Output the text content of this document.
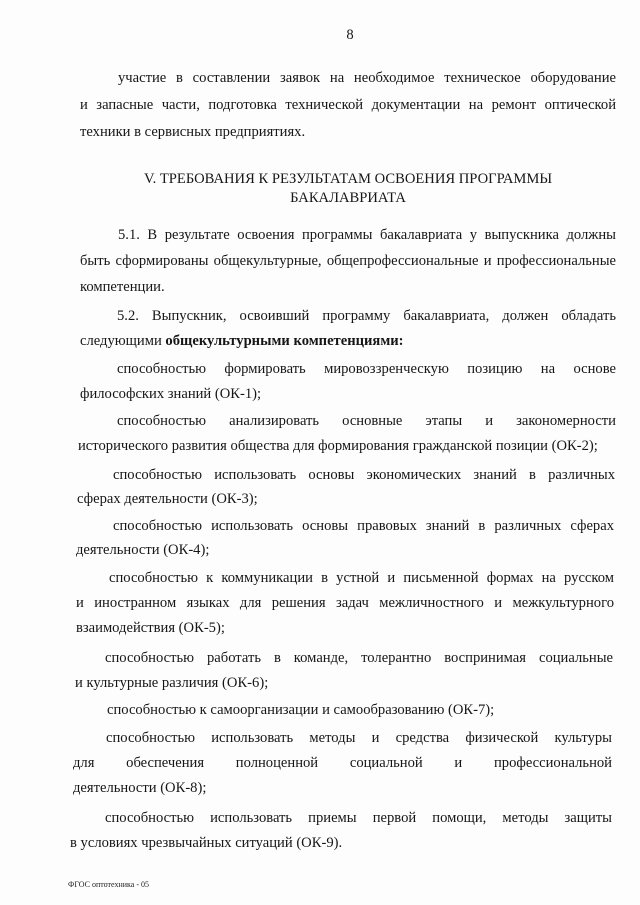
8
участие в составлении заявок на необходимое техническое оборудование
и запасные части, подготовка технической документации на ремонт оптической
техники в сервисных предприятиях.
V. ТРЕБОВАНИЯ К РЕЗУЛЬТАТАМ ОСВОЕНИЯ ПРОГРАММЫ
БАКАЛАВРИАТА
5.1. В результате освоения программы бакалавриата у выпускника должны
быть сформированы общекультурные, общепрофессиональные и профессиональные
компетенции.
5.2. Выпускник, освоивший программу бакалавриата, должен обладать
следующими общекультурными компетенциями:
способностью формировать мировоззренческую позицию на основе
философских знаний (ОК-1);
способностью анализировать основные этапы и закономерности
исторического развития общества для формирования гражданской позиции (ОК-2);
способностью использовать основы экономических знаний в различных
сферах деятельности (ОК-3);
способностью использовать основы правовых знаний в различных сферах
деятельности (ОК-4);
способностью к коммуникации в устной и письменной формах на русском
и иностранном языках для решения задач межличностного и межкультурного
взаимодействия (ОК-5);
способностью работать в команде, толерантно воспринимая социальные
и культурные различия (ОК-6);
способностью к самоорганизации и самообразованию (ОК-7);
способностью использовать методы и средства физической культуры
для обеспечения полноценной социальной и профессиональной
деятельности (ОК-8);
способностью использовать приемы первой помощи, методы защиты
в условиях чрезвычайных ситуаций (ОК-9).
ФГОС оптотехника - 05
